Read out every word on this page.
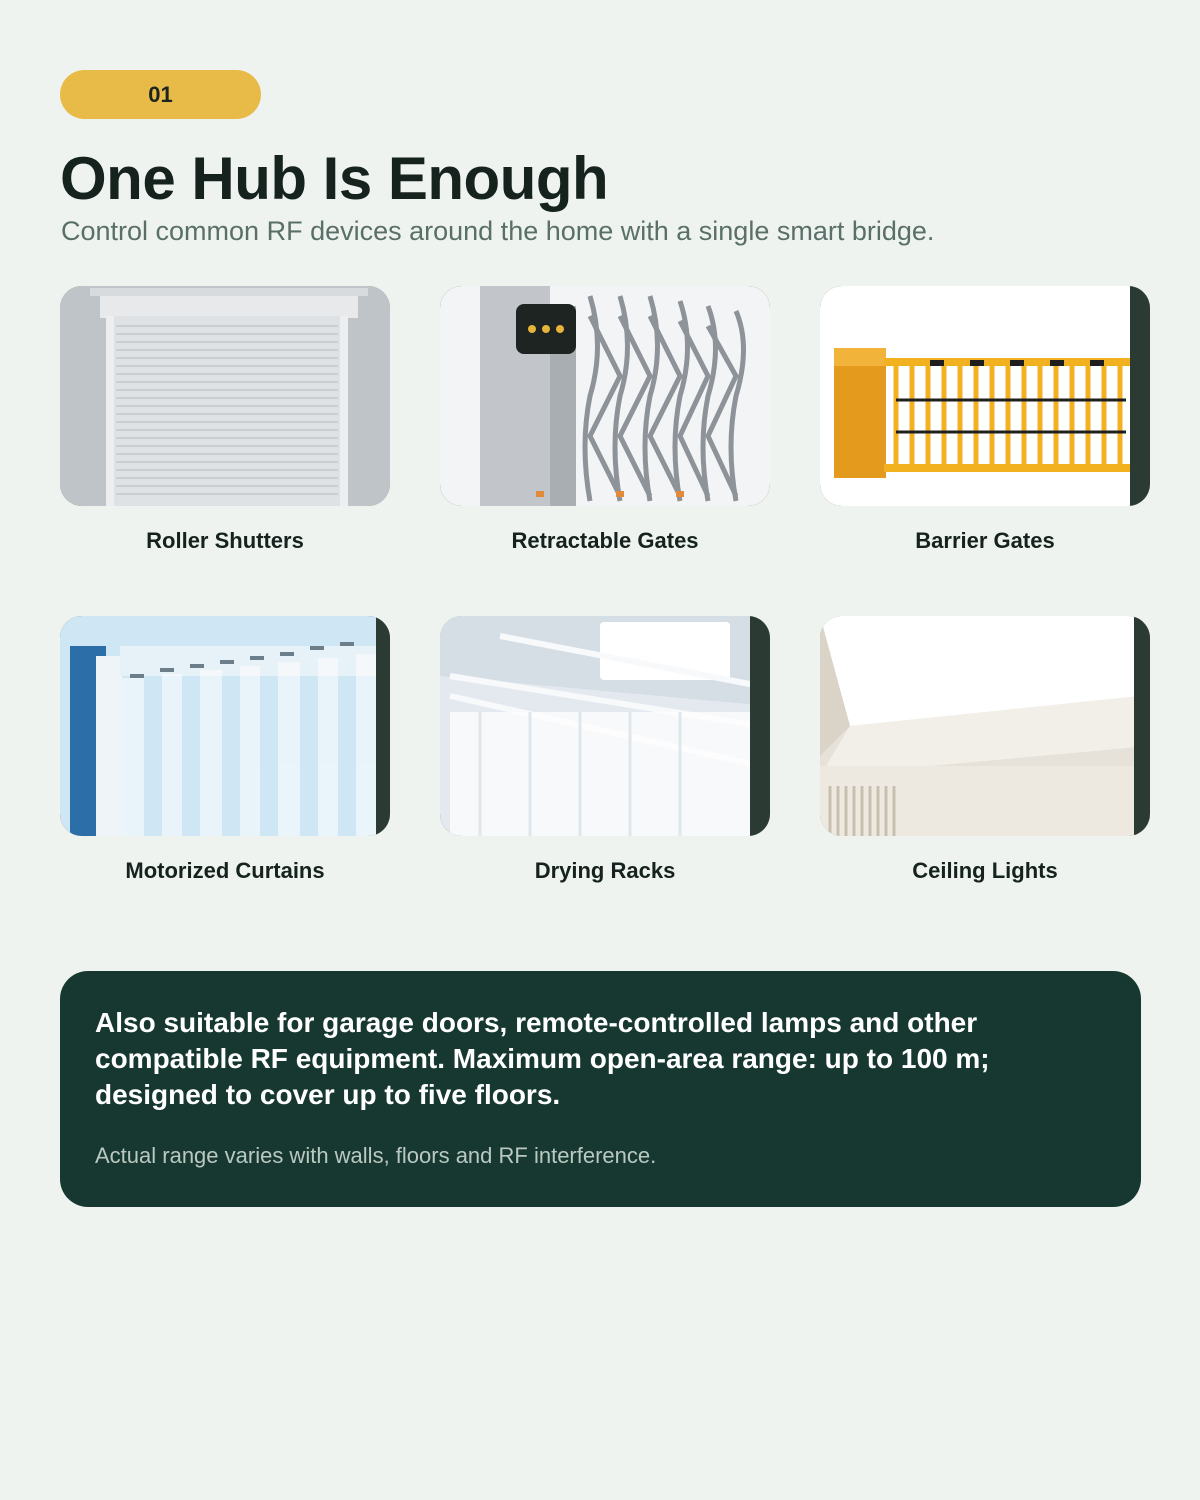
01
One Hub Is Enough

Control common RF devices around the home with a single smart bridge.

Roller Shutters	Retractable Gates	Barrier Gates
Motorized Curtains	Drying Racks	Ceiling Lights

Also suitable for garage doors, remote-controlled lamps and other compatible RF equipment. Maximum open-area range: up to 100 m; designed to cover up to five floors.

Actual range varies with walls, floors and RF interference.
